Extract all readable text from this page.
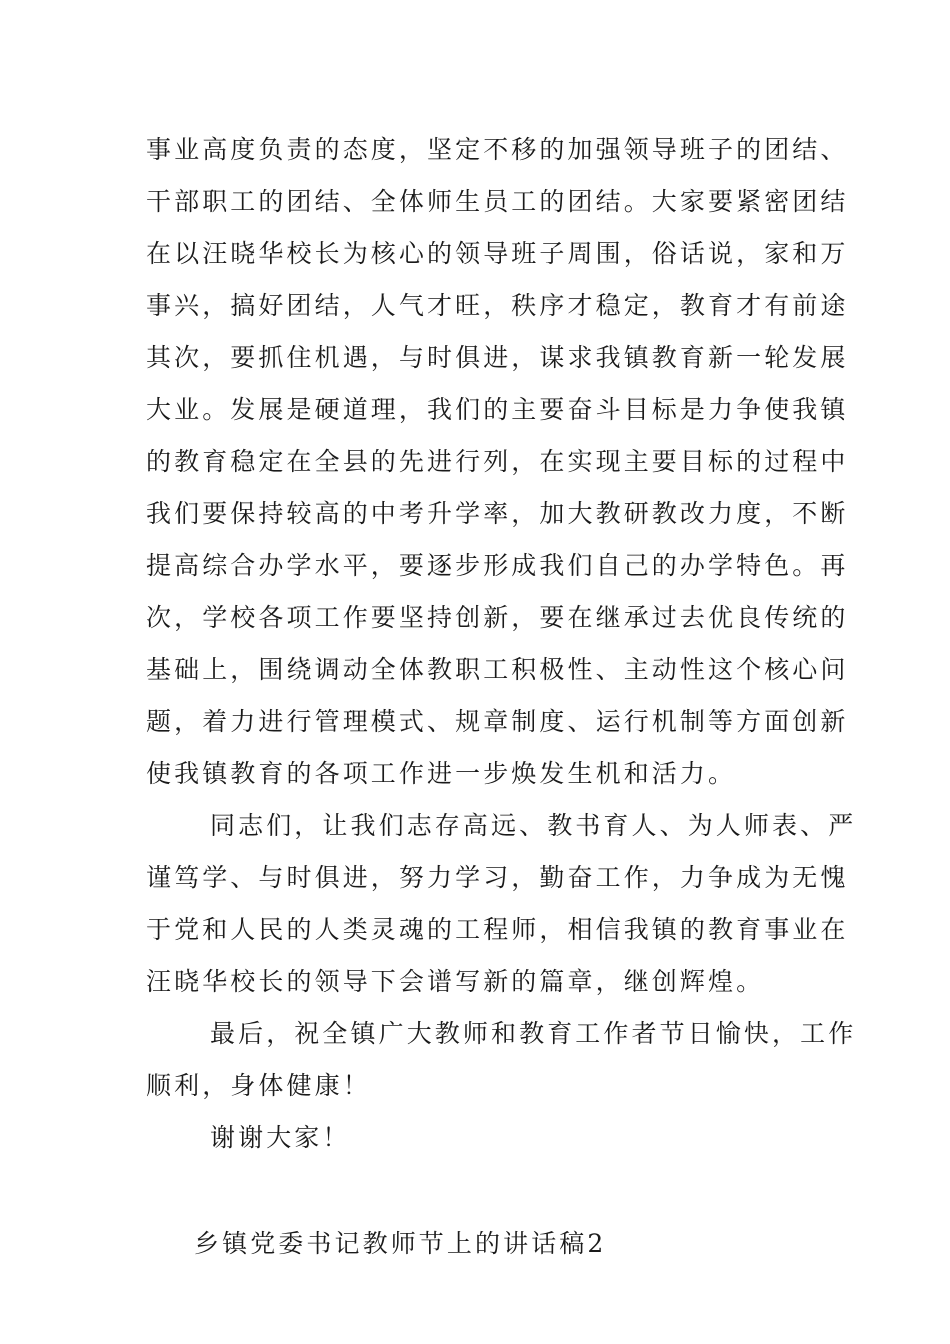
事业高度负责的态度，坚定不移的加强领导班子的团结、
干部职工的团结、全体师生员工的团结。大家要紧密团结
在以汪晓华校长为核心的领导班子周围，俗话说，家和万
事兴，搞好团结，人气才旺，秩序才稳定，教育才有前途
其次，要抓住机遇，与时俱进，谋求我镇教育新一轮发展
大业。发展是硬道理，我们的主要奋斗目标是力争使我镇
的教育稳定在全县的先进行列，在实现主要目标的过程中
我们要保持较高的中考升学率，加大教研教改力度，不断
提高综合办学水平，要逐步形成我们自己的办学特色。再
次，学校各项工作要坚持创新，要在继承过去优良传统的
基础上，围绕调动全体教职工积极性、主动性这个核心问
题，着力进行管理模式、规章制度、运行机制等方面创新
使我镇教育的各项工作进一步焕发生机和活力。
同志们，让我们志存高远、教书育人、为人师表、严
谨笃学、与时俱进，努力学习，勤奋工作，力争成为无愧
于党和人民的人类灵魂的工程师，相信我镇的教育事业在
汪晓华校长的领导下会谱写新的篇章，继创辉煌。
最后，祝全镇广大教师和教育工作者节日愉快，工作
顺利，身体健康！
谢谢大家！
乡镇党委书记教师节上的讲话稿2
